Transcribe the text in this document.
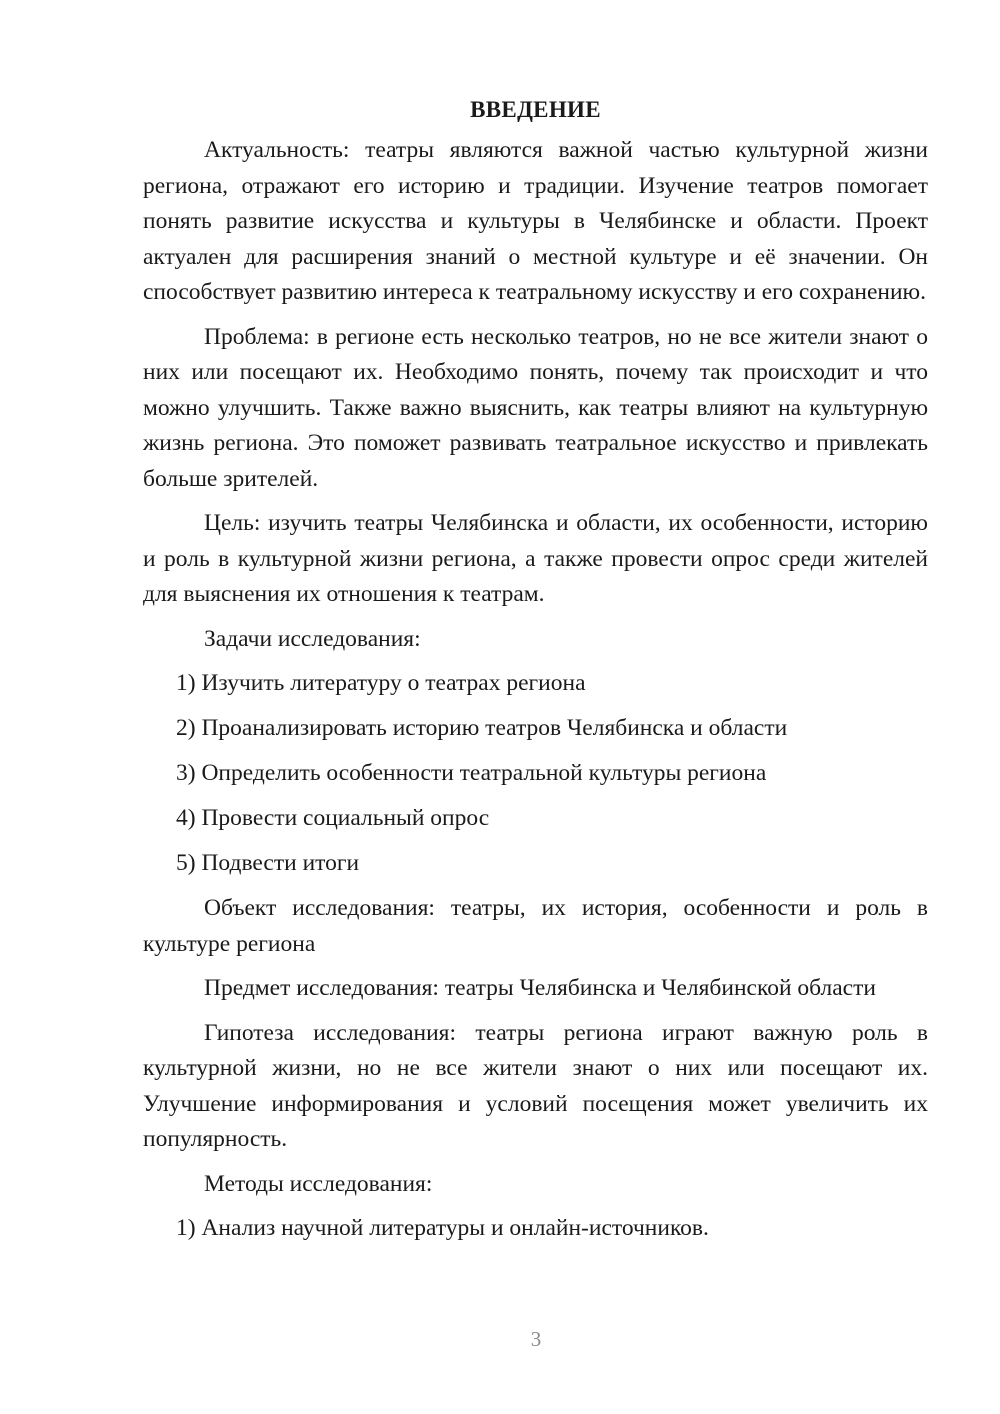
ВВЕДЕНИЕ

Актуальность: театры являются важной частью культурной жизни региона, отражают его историю и традиции. Изучение театров помогает понять развитие искусства и культуры в Челябинске и области. Проект актуален для расширения знаний о местной культуре и её значении. Он способствует развитию интереса к театральному искусству и его сохранению.

Проблема: в регионе есть несколько театров, но не все жители знают о них или посещают их. Необходимо понять, почему так происходит и что можно улучшить. Также важно выяснить, как театры влияют на культурную жизнь региона. Это поможет развивать театральное искусство и привлекать больше зрителей.

Цель: изучить театры Челябинска и области, их особенности, историю и роль в культурной жизни региона, а также провести опрос среди жителей для выяснения их отношения к театрам.

Задачи исследования:

1) Изучить литературу о театрах региона
2) Проанализировать историю театров Челябинска и области
3) Определить особенности театральной культуры региона
4) Провести социальный опрос
5) Подвести итоги

Объект исследования: театры, их история, особенности и роль в культуре региона

Предмет исследования: театры Челябинска и Челябинской области

Гипотеза исследования: театры региона играют важную роль в культурной жизни, но не все жители знают о них или посещают их. Улучшение информирования и условий посещения может увеличить их популярность.

Методы исследования:

1) Анализ научной литературы и онлайн-источников.
3
